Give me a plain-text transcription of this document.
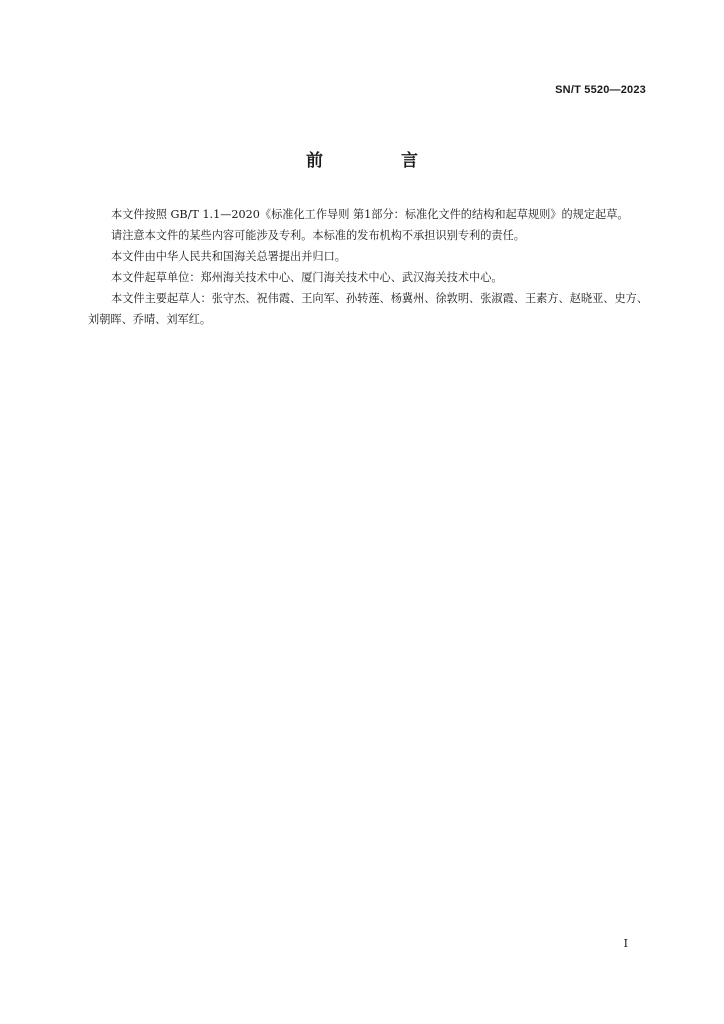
SN/T 5520—2023
前 言

本文件按照 GB/T 1.1—2020《标准化工作导则 第1部分：标准化文件的结构和起草规则》的规定起草。

请注意本文件的某些内容可能涉及专利。本标准的发布机构不承担识别专利的责任。

本文件由中华人民共和国海关总署提出并归口。

本文件起草单位：郑州海关技术中心、厦门海关技术中心、武汉海关技术中心。

本文件主要起草人：张守杰、祝伟霞、王向军、孙转莲、杨冀州、徐敦明、张淑霞、王素方、赵晓亚、史方、刘朝晖、乔晴、刘军红。

I
